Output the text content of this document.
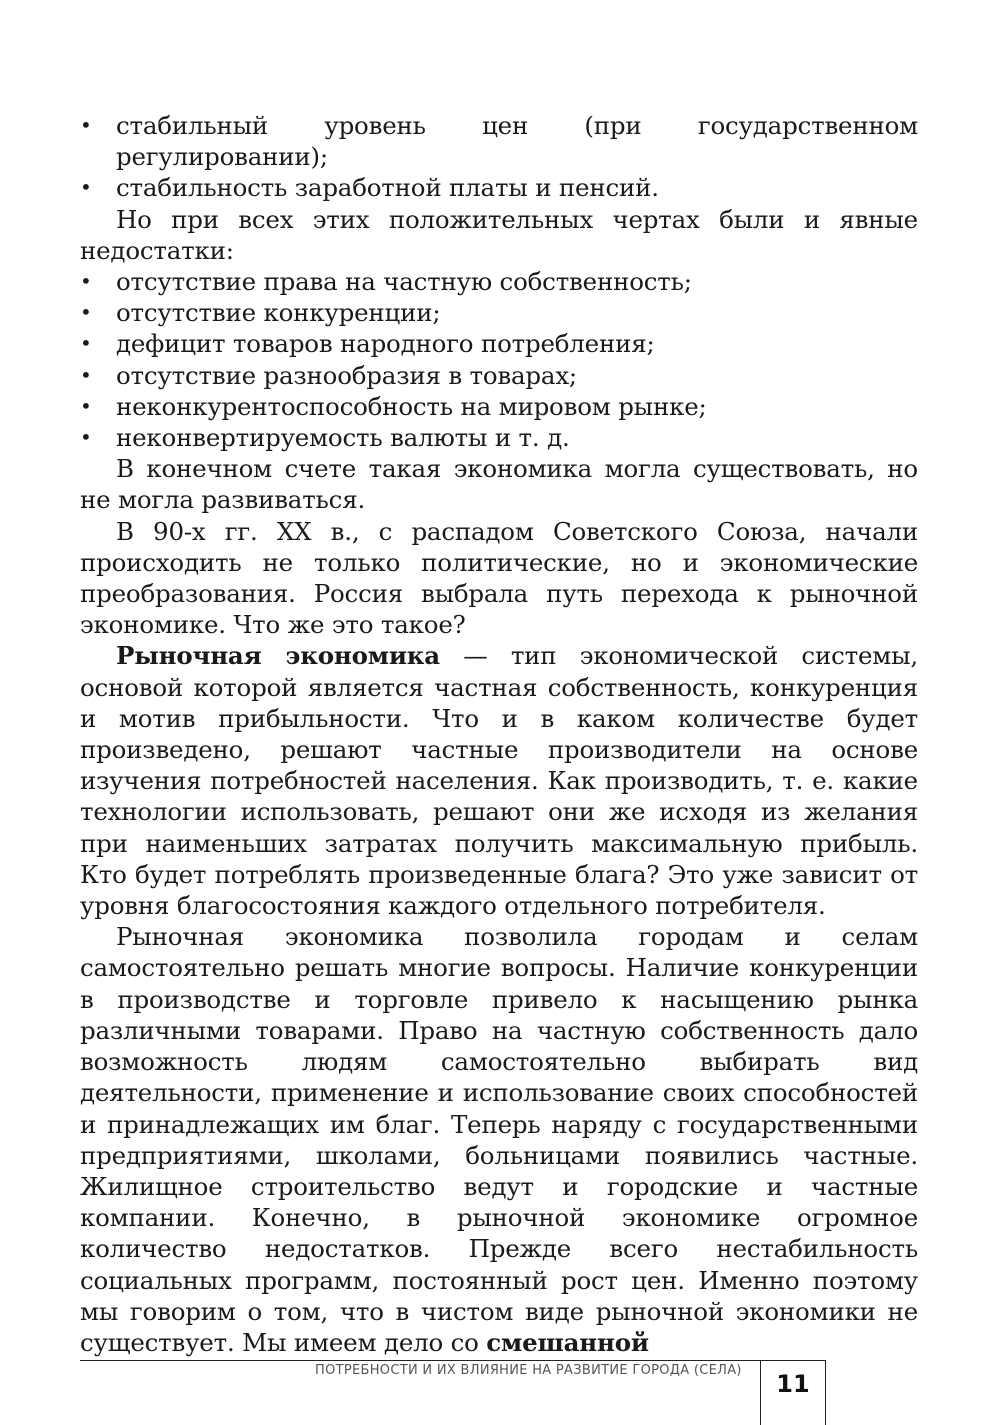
• стабильный уровень цен (при государственном регулировании);
• стабильность заработной платы и пенсий.

Но при всех этих положительных чертах были и явные недостатки:

• отсутствие права на частную собственность;
• отсутствие конкуренции;
• дефицит товаров народного потребления;
• отсутствие разнообразия в товарах;
• неконкурентоспособность на мировом рынке;
• неконвертируемость валюты и т. д.

В конечном счете такая экономика могла существовать, но не могла развиваться.

В 90-х гг. XX в., с распадом Советского Союза, начали происходить не только политические, но и экономические преобразования. Россия выбрала путь перехода к рыночной экономике. Что же это такое?

Рыночная экономика — тип экономической системы, основой которой является частная собственность, конкуренция и мотив прибыльности. Что и в каком количестве будет произведено, решают частные производители на основе изучения потребностей населения. Как производить, т. е. какие технологии использовать, решают они же исходя из желания при наименьших затратах получить максимальную прибыль. Кто будет потреблять произведенные блага? Это уже зависит от уровня благосостояния каждого отдельного потребителя.

Рыночная экономика позволила городам и селам самостоятельно решать многие вопросы. Наличие конкуренции в производстве и торговле привело к насыщению рынка различными товарами. Право на частную собственность дало возможность людям самостоятельно выбирать вид деятельности, применение и использование своих способностей и принадлежащих им благ. Теперь наряду с государственными предприятиями, школами, больницами появились частные. Жилищное строительство ведут и городские и частные компании. Конечно, в рыночной экономике огромное количество недостатков. Прежде всего нестабильность социальных программ, постоянный рост цен. Именно поэтому мы говорим о том, что в чистом виде рыночной экономики не существует. Мы имеем дело со смешанной

ПОТРЕБНОСТИ И ИХ ВЛИЯНИЕ НА РАЗВИТИЕ ГОРОДА (СЕЛА)	11
